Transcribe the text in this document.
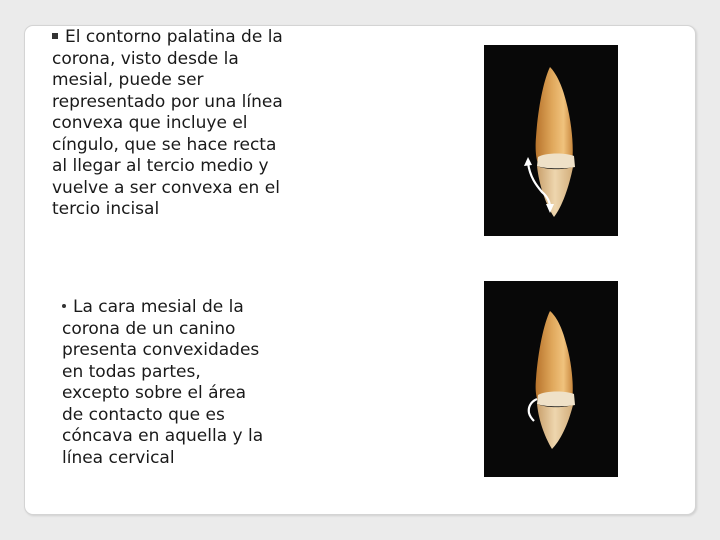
El contorno palatina de la corona, visto desde la mesial, puede ser representado por una línea convexa que incluye el cíngulo, que se hace recta al llegar al tercio medio y vuelve a ser convexa en el tercio incisal

La cara mesial de la corona de un canino presenta convexidades en todas partes, excepto sobre el área de contacto que es cóncava en aquella y la línea cervical
